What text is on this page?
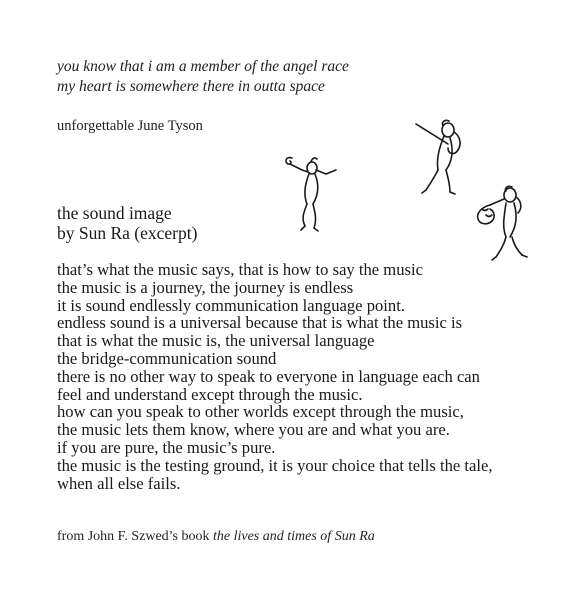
you know that i am a member of the angel race
my heart is somewhere there in outta space
unforgettable June Tyson
the sound image
by Sun Ra (excerpt)
that’s what the music says, that is how to say the music
the music is a journey, the journey is endless
it is sound endlessly communication language point.
endless sound is a universal because that is what the music is
that is what the music is, the universal language
the bridge-communication sound
there is no other way to speak to everyone in language each can
feel and understand except through the music.
how can you speak to other worlds except through the music,
the music lets them know, where you are and what you are.
if you are pure, the music’s pure.
the music is the testing ground, it is your choice that tells the tale,
when all else fails.
from John F. Szwed’s book the lives and times of Sun Ra
